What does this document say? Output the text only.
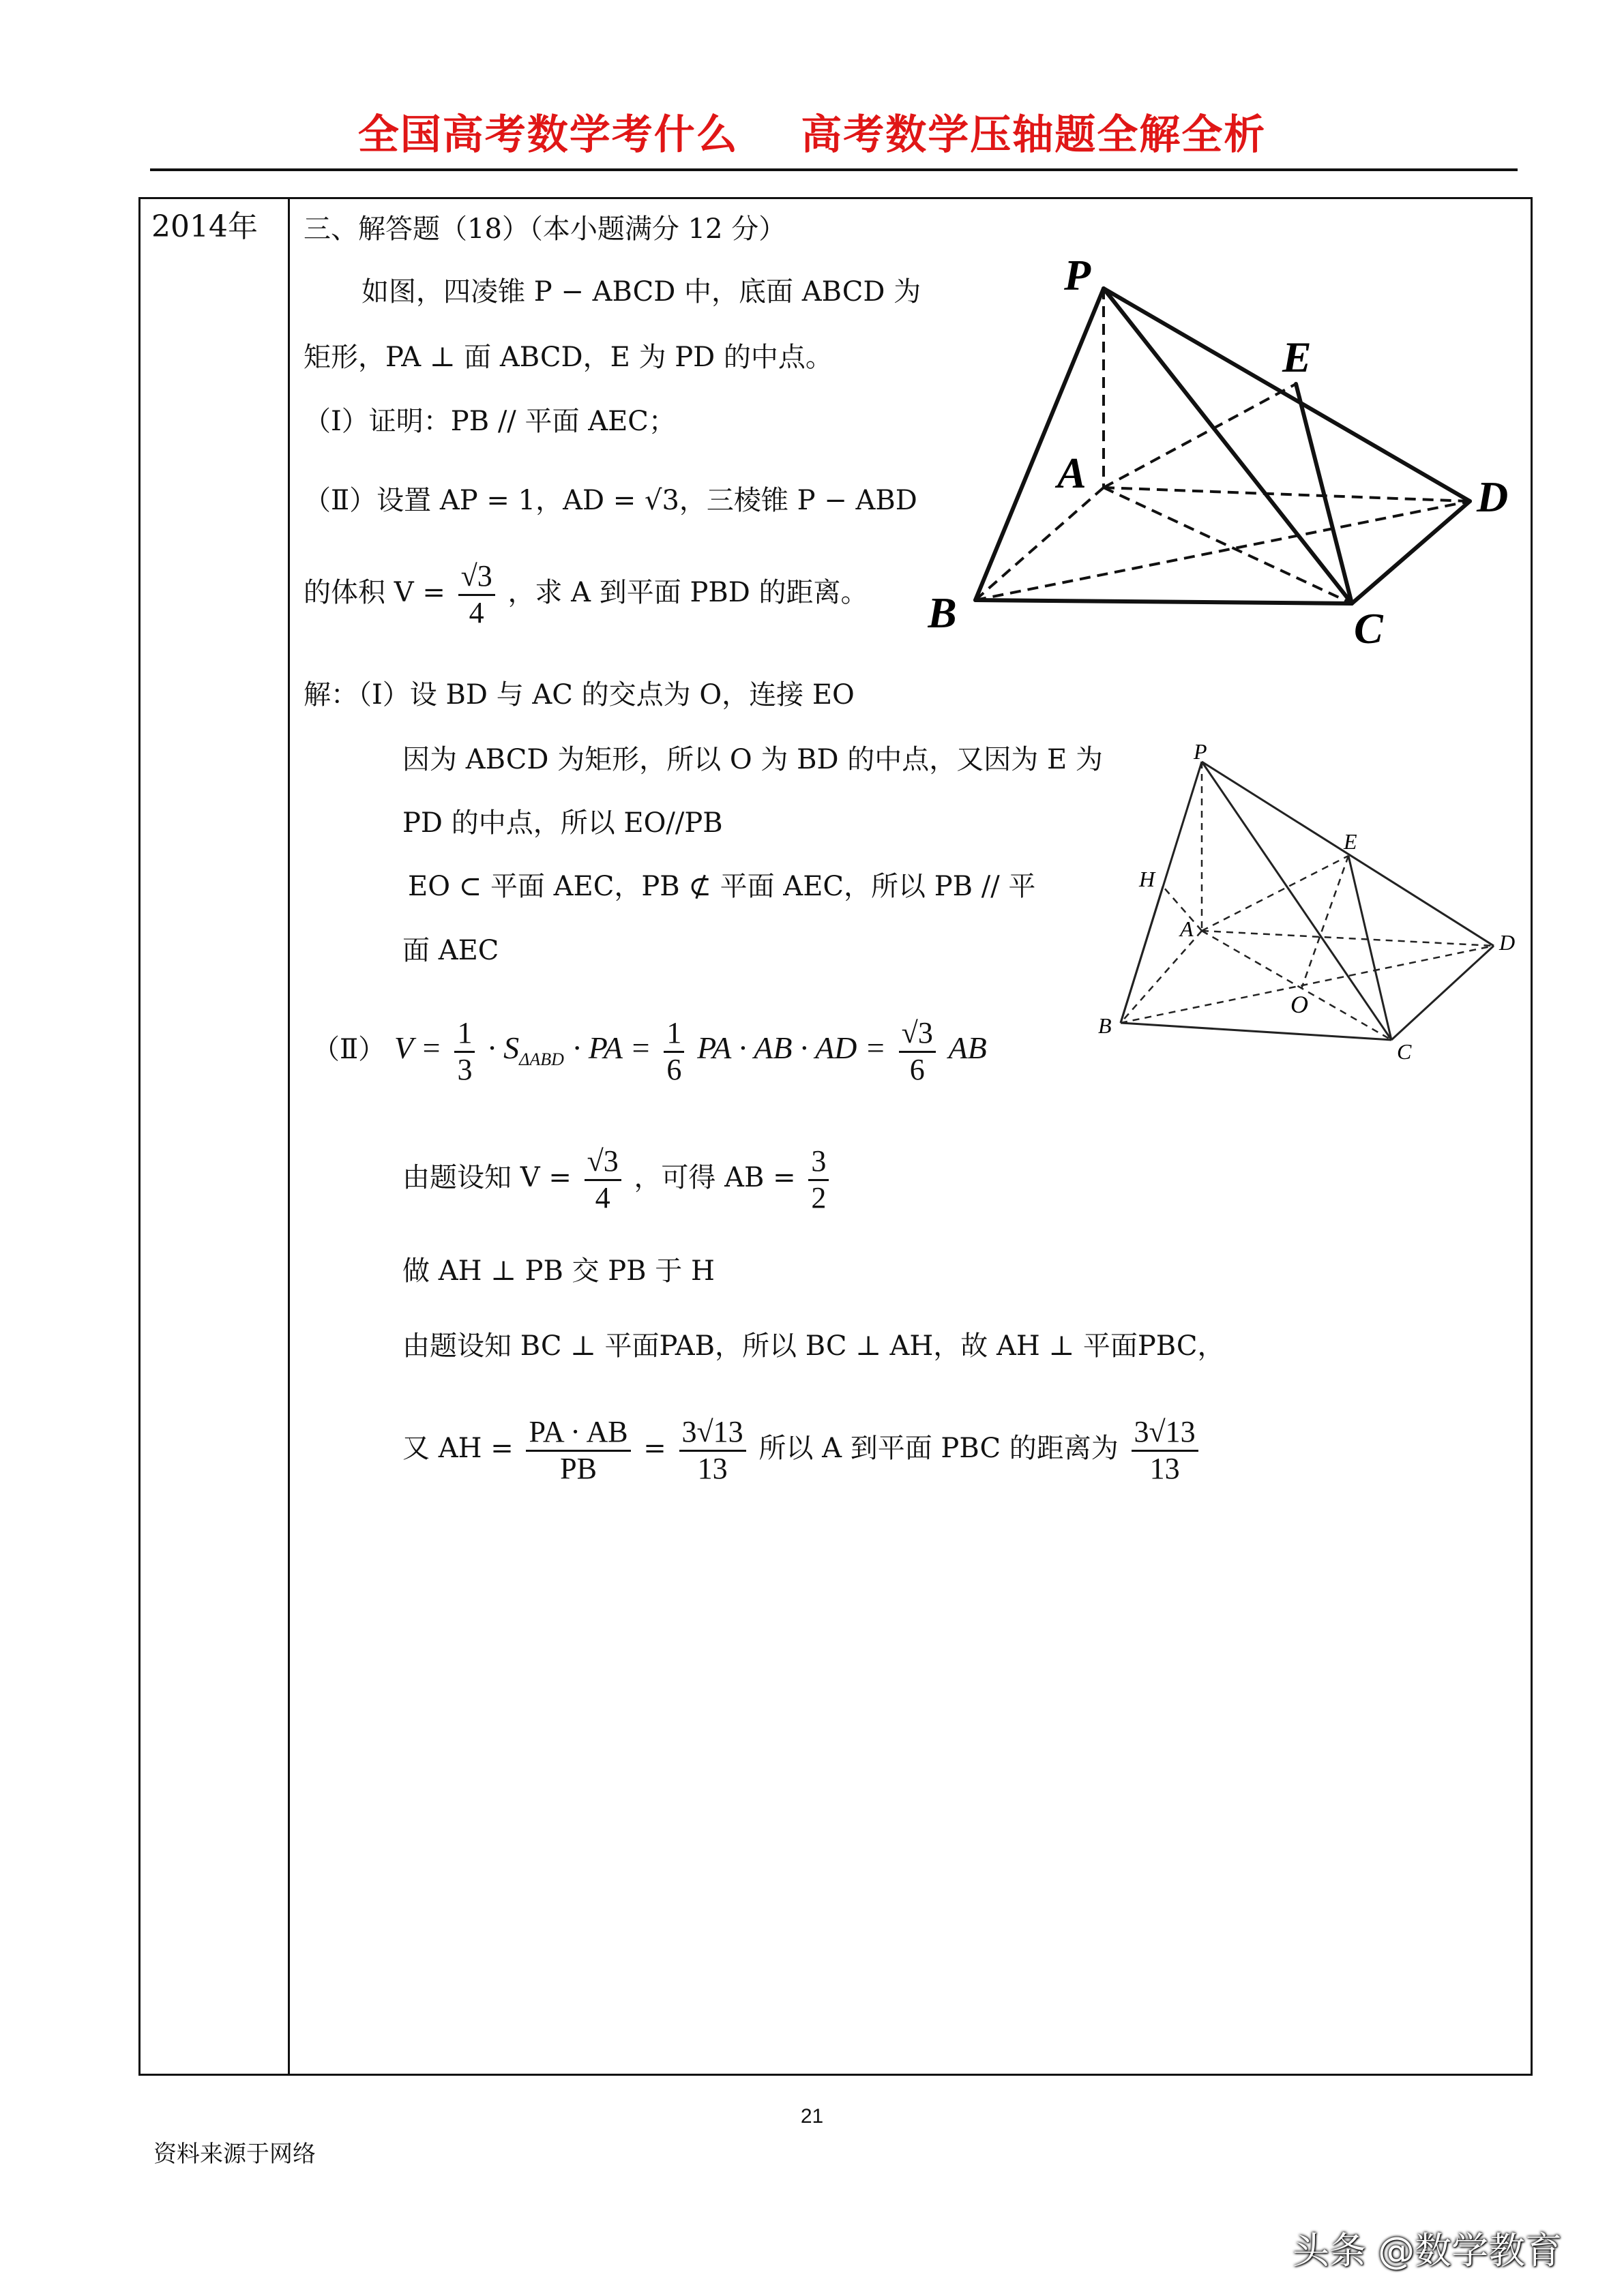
全国高考数学考什么    高考数学压轴题全解全析
2014年 三、解答题（18）（本小题满分 12 分）
如图，四凌锥 P − ABCD 中，底面 ABCD 为
矩形，PA ⊥ 面 ABCD，E 为 PD 的中点。
（Ⅰ）证明：PB // 平面 AEC；
（Ⅱ）设置 AP = 1，AD = √3，三棱锥 P − ABD
的体积 $V = \frac{√3}{4}$ ，求 A 到平面 PBD 的距离。
P
E
A	D
B	C
解：（Ⅰ）设 BD 与 AC 的交点为 O，连接 EO
因为 ABCD 为矩形，所以 O 为 BD 的中点，又因为 E 为
PD 的中点，所以 EO//PB
EO ⊂ 平面 AEC，PB ⊄ 平面 AEC，所以 PB // 平
面 AEC
P
H
E
A
D
O
B
C
（Ⅱ） $V = \frac{1}{3} \cdot S_{\Delta ABD}$ · PA = $\frac{1}{6}$ PA · AB · AD = $\frac{√3}{6}$ AB
由题设知 $V = \frac{√3}{4}$ ，可得 AB = $\frac{3}{2}$
做 AH ⊥ PB 交 PB 于 H
由题设知 BC ⊥ 平面PAB，所以 BC ⊥ AH，故 AH ⊥ 平面PBC，
又 AH = $\frac{PA \cdot AB}{PB} = \frac{3√13}{13}$ 所以 A 到平面 PBC 的距离为 $\frac{3√13}{13}$
21
资料来源于网络
头条 @数学教育
